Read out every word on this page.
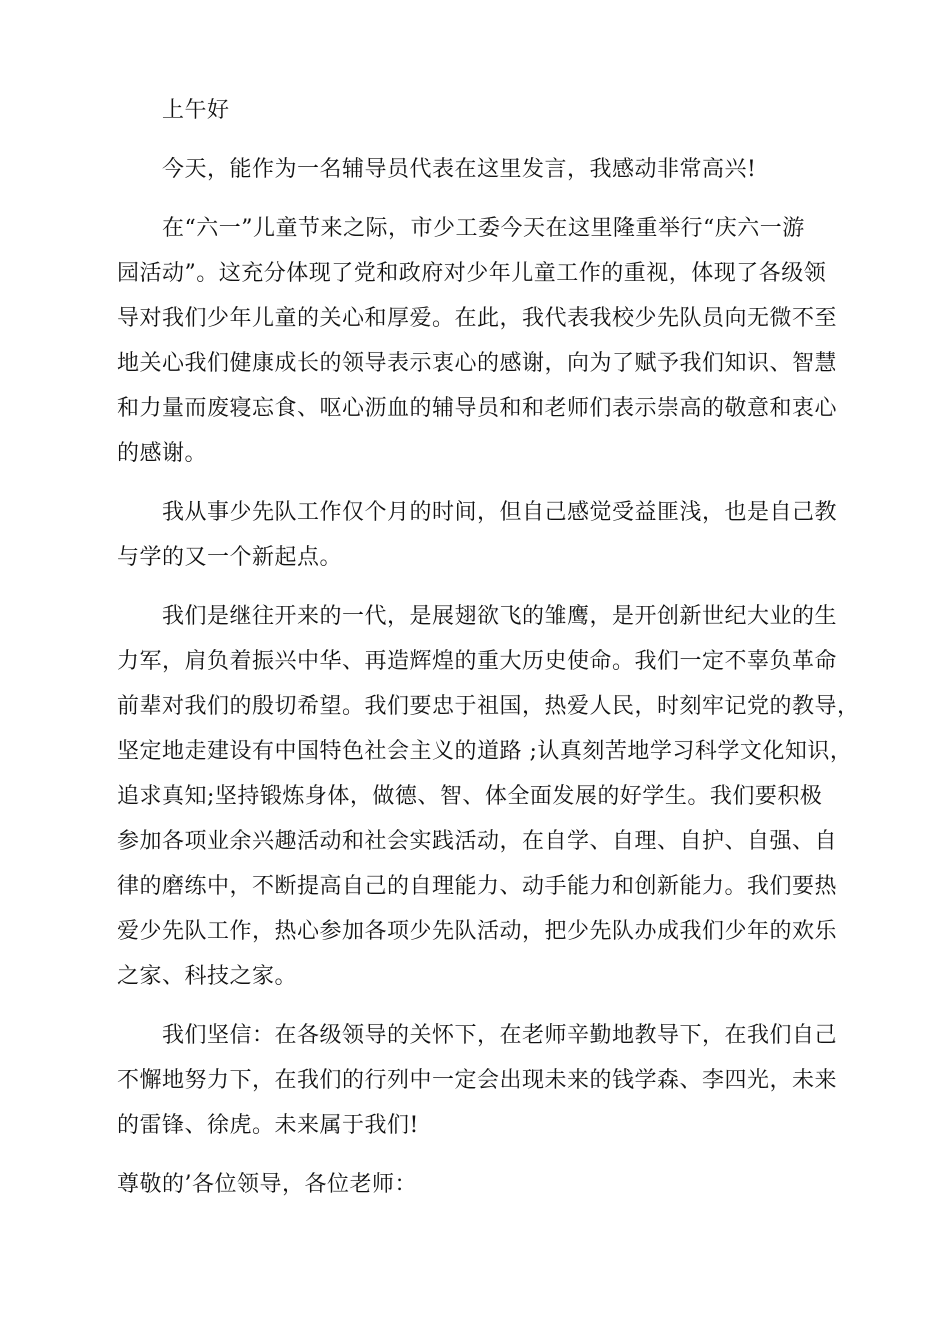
上午好

今天，能作为一名辅导员代表在这里发言，我感动非常高兴!

在“六一”儿童节来之际，市少工委今天在这里隆重举行“庆六一游
园活动”。这充分体现了党和政府对少年儿童工作的重视，体现了各级领
导对我们少年儿童的关心和厚爱。在此，我代表我校少先队员向无微不至
地关心我们健康成长的领导表示衷心的感谢，向为了赋予我们知识、智慧
和力量而废寝忘食、呕心沥血的辅导员和和老师们表示崇高的敬意和衷心
的感谢。

我从事少先队工作仅个月的时间，但自己感觉受益匪浅，也是自己教
与学的又一个新起点。

我们是继往开来的一代，是展翅欲飞的雏鹰，是开创新世纪大业的生
力军，肩负着振兴中华、再造辉煌的重大历史使命。我们一定不辜负革命
前辈对我们的殷切希望。我们要忠于祖国，热爱人民，时刻牢记党的教导，
坚定地走建设有中国特色社会主义的道路 ;认真刻苦地学习科学文化知识，
追求真知;坚持锻炼身体，做德、智、体全面发展的好学生。我们要积极
参加各项业余兴趣活动和社会实践活动，在自学、自理、自护、自强、自
律的磨练中，不断提高自己的自理能力、动手能力和创新能力。我们要热
爱少先队工作，热心参加各项少先队活动，把少先队办成我们少年的欢乐
之家、科技之家。

我们坚信：在各级领导的关怀下，在老师辛勤地教导下，在我们自己
不懈地努力下，在我们的行列中一定会出现未来的钱学森、李四光，未来
的雷锋、徐虎。未来属于我们!

尊敬的’各位领导，各位老师：
